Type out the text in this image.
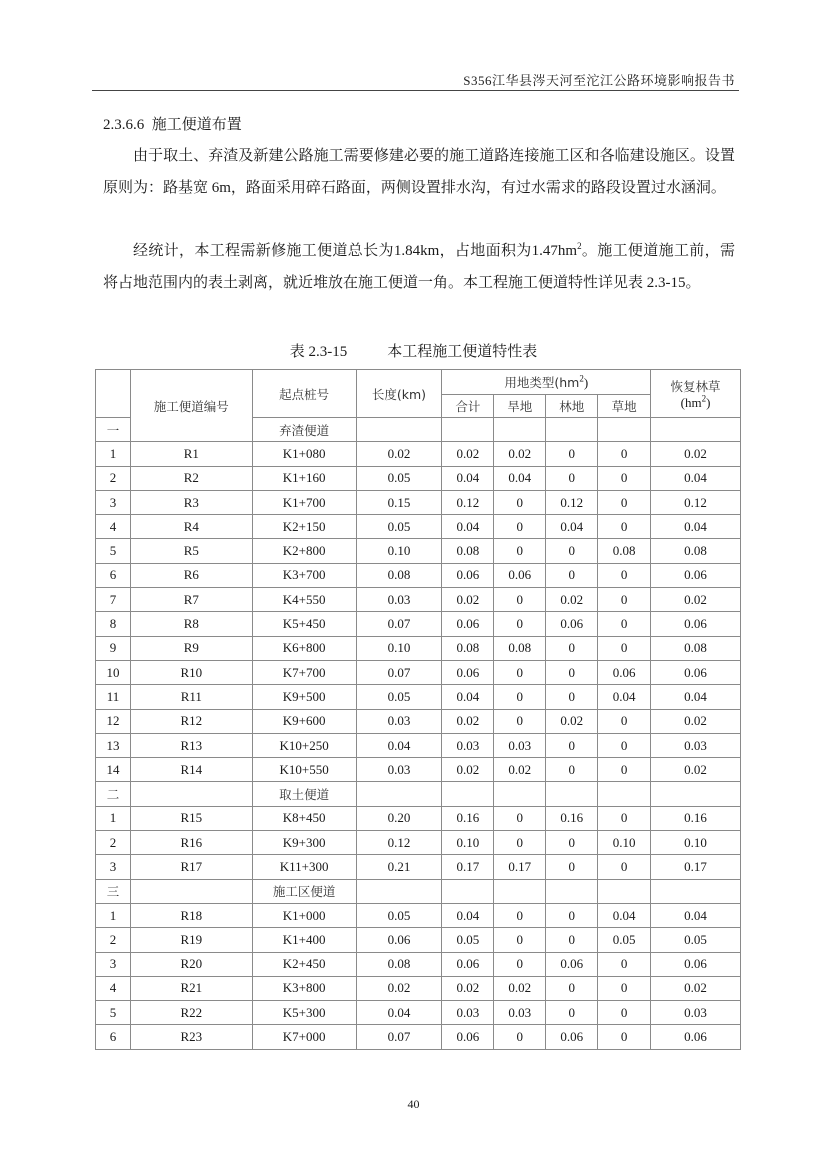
S356江华县涔天河至沱江公路环境影响报告书
2.3.6.6 施工便道布置
由于取土、弃渣及新建公路施工需要修建必要的施工道路连接施工区和各临建设施区。设置原则为：路基宽 6m，路面采用碎石路面，两侧设置排水沟，有过水需求的路段设置过水涵洞。
经统计，本工程需新修施工便道总长为1.84km，占地面积为$1.47hm^2$。施工便道施工前，需将占地范围内的表土剥离，就近堆放在施工便道一角。本工程施工便道特性详见表 2.3-15。
表 2.3-15	本工程施工便道特性表
	施工便道编号	起点桩号	长度(km)	用地类型$(hm^2)$				恢复林草
$(hm^2)$
				合计	旱地	林地	草地	
一		弃渣便道						
1	R1	K1+080	0.02	0.02	0.02	0	0	0.02
2	R2	K1+160	0.05	0.04	0.04	0	0	0.04
3	R3	K1+700	0.15	0.12	0	0.12	0	0.12
4	R4	K2+150	0.05	0.04	0	0.04	0	0.04
5	R5	K2+800	0.10	0.08	0	0	0.08	0.08
6	R6	K3+700	0.08	0.06	0.06	0	0	0.06
7	R7	K4+550	0.03	0.02	0	0.02	0	0.02
8	R8	K5+450	0.07	0.06	0	0.06	0	0.06
9	R9	K6+800	0.10	0.08	0.08	0	0	0.08
10	R10	K7+700	0.07	0.06	0	0	0.06	0.06
11	R11	K9+500	0.05	0.04	0	0	0.04	0.04
12	R12	K9+600	0.03	0.02	0	0.02	0	0.02
13	R13	K10+250	0.04	0.03	0.03	0	0	0.03
14	R14	K10+550	0.03	0.02	0.02	0	0	0.02
二		取土便道						
1	R15	K8+450	0.20	0.16	0	0.16	0	0.16
2	R16	K9+300	0.12	0.10	0	0	0.10	0.10
3	R17	K11+300	0.21	0.17	0.17	0	0	0.17
三		施工区便道						
1	R18	K1+000	0.05	0.04	0	0	0.04	0.04
2	R19	K1+400	0.06	0.05	0	0	0.05	0.05
3	R20	K2+450	0.08	0.06	0	0.06	0	0.06
4	R21	K3+800	0.02	0.02	0.02	0	0	0.02
5	R22	K5+300	0.04	0.03	0.03	0	0	0.03
6	R23	K7+000	0.07	0.06	0	0.06	0	0.06
40
